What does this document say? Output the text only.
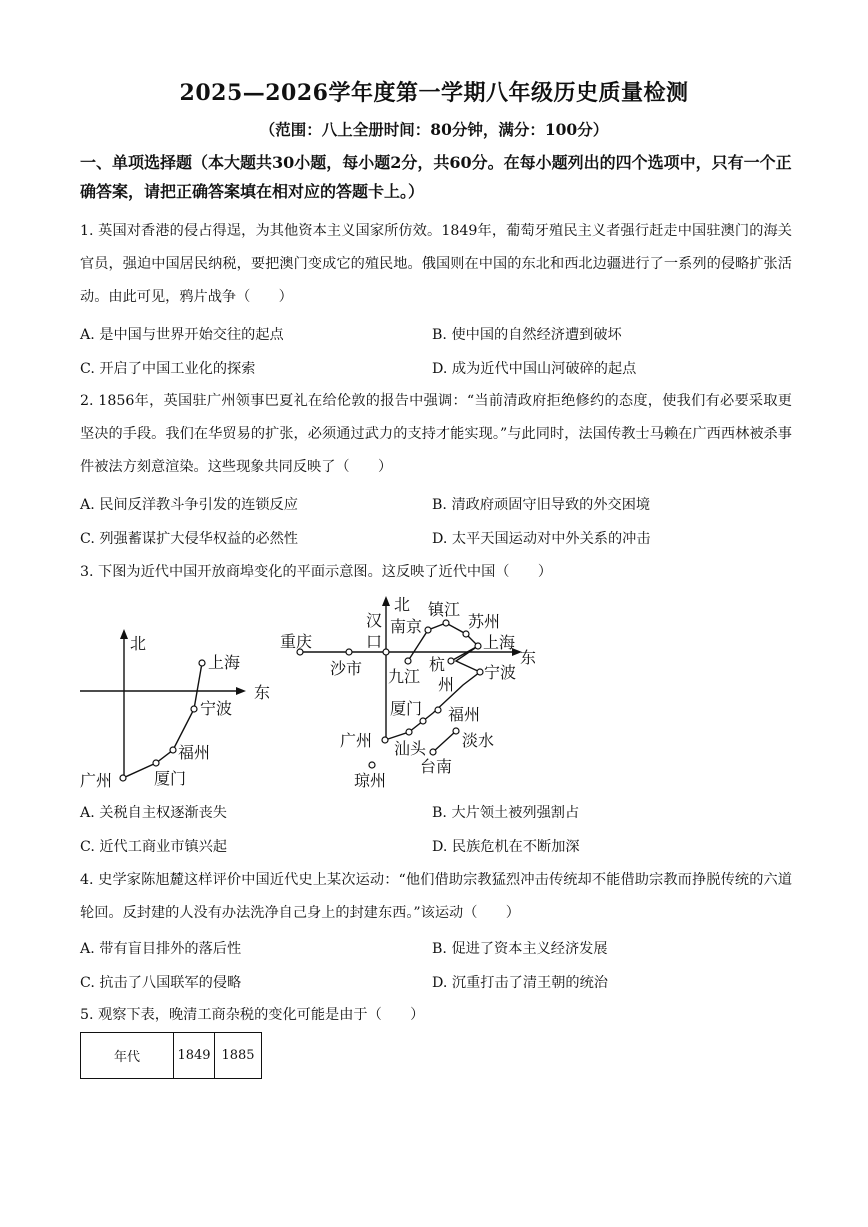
2025—2026学年度第一学期八年级历史质量检测
（范围：八上全册时间：80分钟，满分：100分）
一、单项选择题（本大题共30小题，每小题2分，共60分。在每小题列出的四个选项中，只有一个正确答案，请把正确答案填在相对应的答题卡上。）
1. 英国对香港的侵占得逞，为其他资本主义国家所仿效。1849年，葡萄牙殖民主义者强行赶走中国驻澳门的海关官员，强迫中国居民纳税，要把澳门变成它的殖民地。俄国则在中国的东北和西北边疆进行了一系列的侵略扩张活动。由此可见，鸦片战争（　　）
A. 是中国与世界开始交往的起点	B. 使中国的自然经济遭到破坏
C. 开启了中国工业化的探索	D. 成为近代中国山河破碎的起点
2. 1856年，英国驻广州领事巴夏礼在给伦敦的报告中强调：“当前清政府拒绝修约的态度，使我们有必要采取更坚决的手段。我们在华贸易的扩张，必须通过武力的支持才能实现。”与此同时，法国传教士马赖在广西西林被杀事件被法方刻意渲染。这些现象共同反映了（　　）
A. 民间反洋教斗争引发的连锁反应	B. 清政府顽固守旧导致的外交困境
C. 列强蓄谋扩大侵华权益的必然性	D. 太平天国运动对中外关系的冲击
3. 下图为近代中国开放商埠变化的平面示意图。这反映了近代中国（　　）
北
东
上海
宁波
福州
厦门
广州
北
东
重庆
沙市
汉
口
九江
南京
镇江
苏州
上海
杭
州
宁波
福州
厦门
汕头
广州	淡水
台南
琼州
A. 关税自主权逐渐丧失	B. 大片领土被列强割占
C. 近代工商业市镇兴起	D. 民族危机在不断加深
4. 史学家陈旭麓这样评价中国近代史上某次运动：“他们借助宗教猛烈冲击传统却不能借助宗教而挣脱传统的六道轮回。反封建的人没有办法洗净自己身上的封建东西。”该运动（　　）
A. 带有盲目排外的落后性	B. 促进了资本主义经济发展
C. 抗击了八国联军的侵略	D. 沉重打击了清王朝的统治
5. 观察下表，晚清工商杂税的变化可能是由于（　　）
年代	1849	1885
